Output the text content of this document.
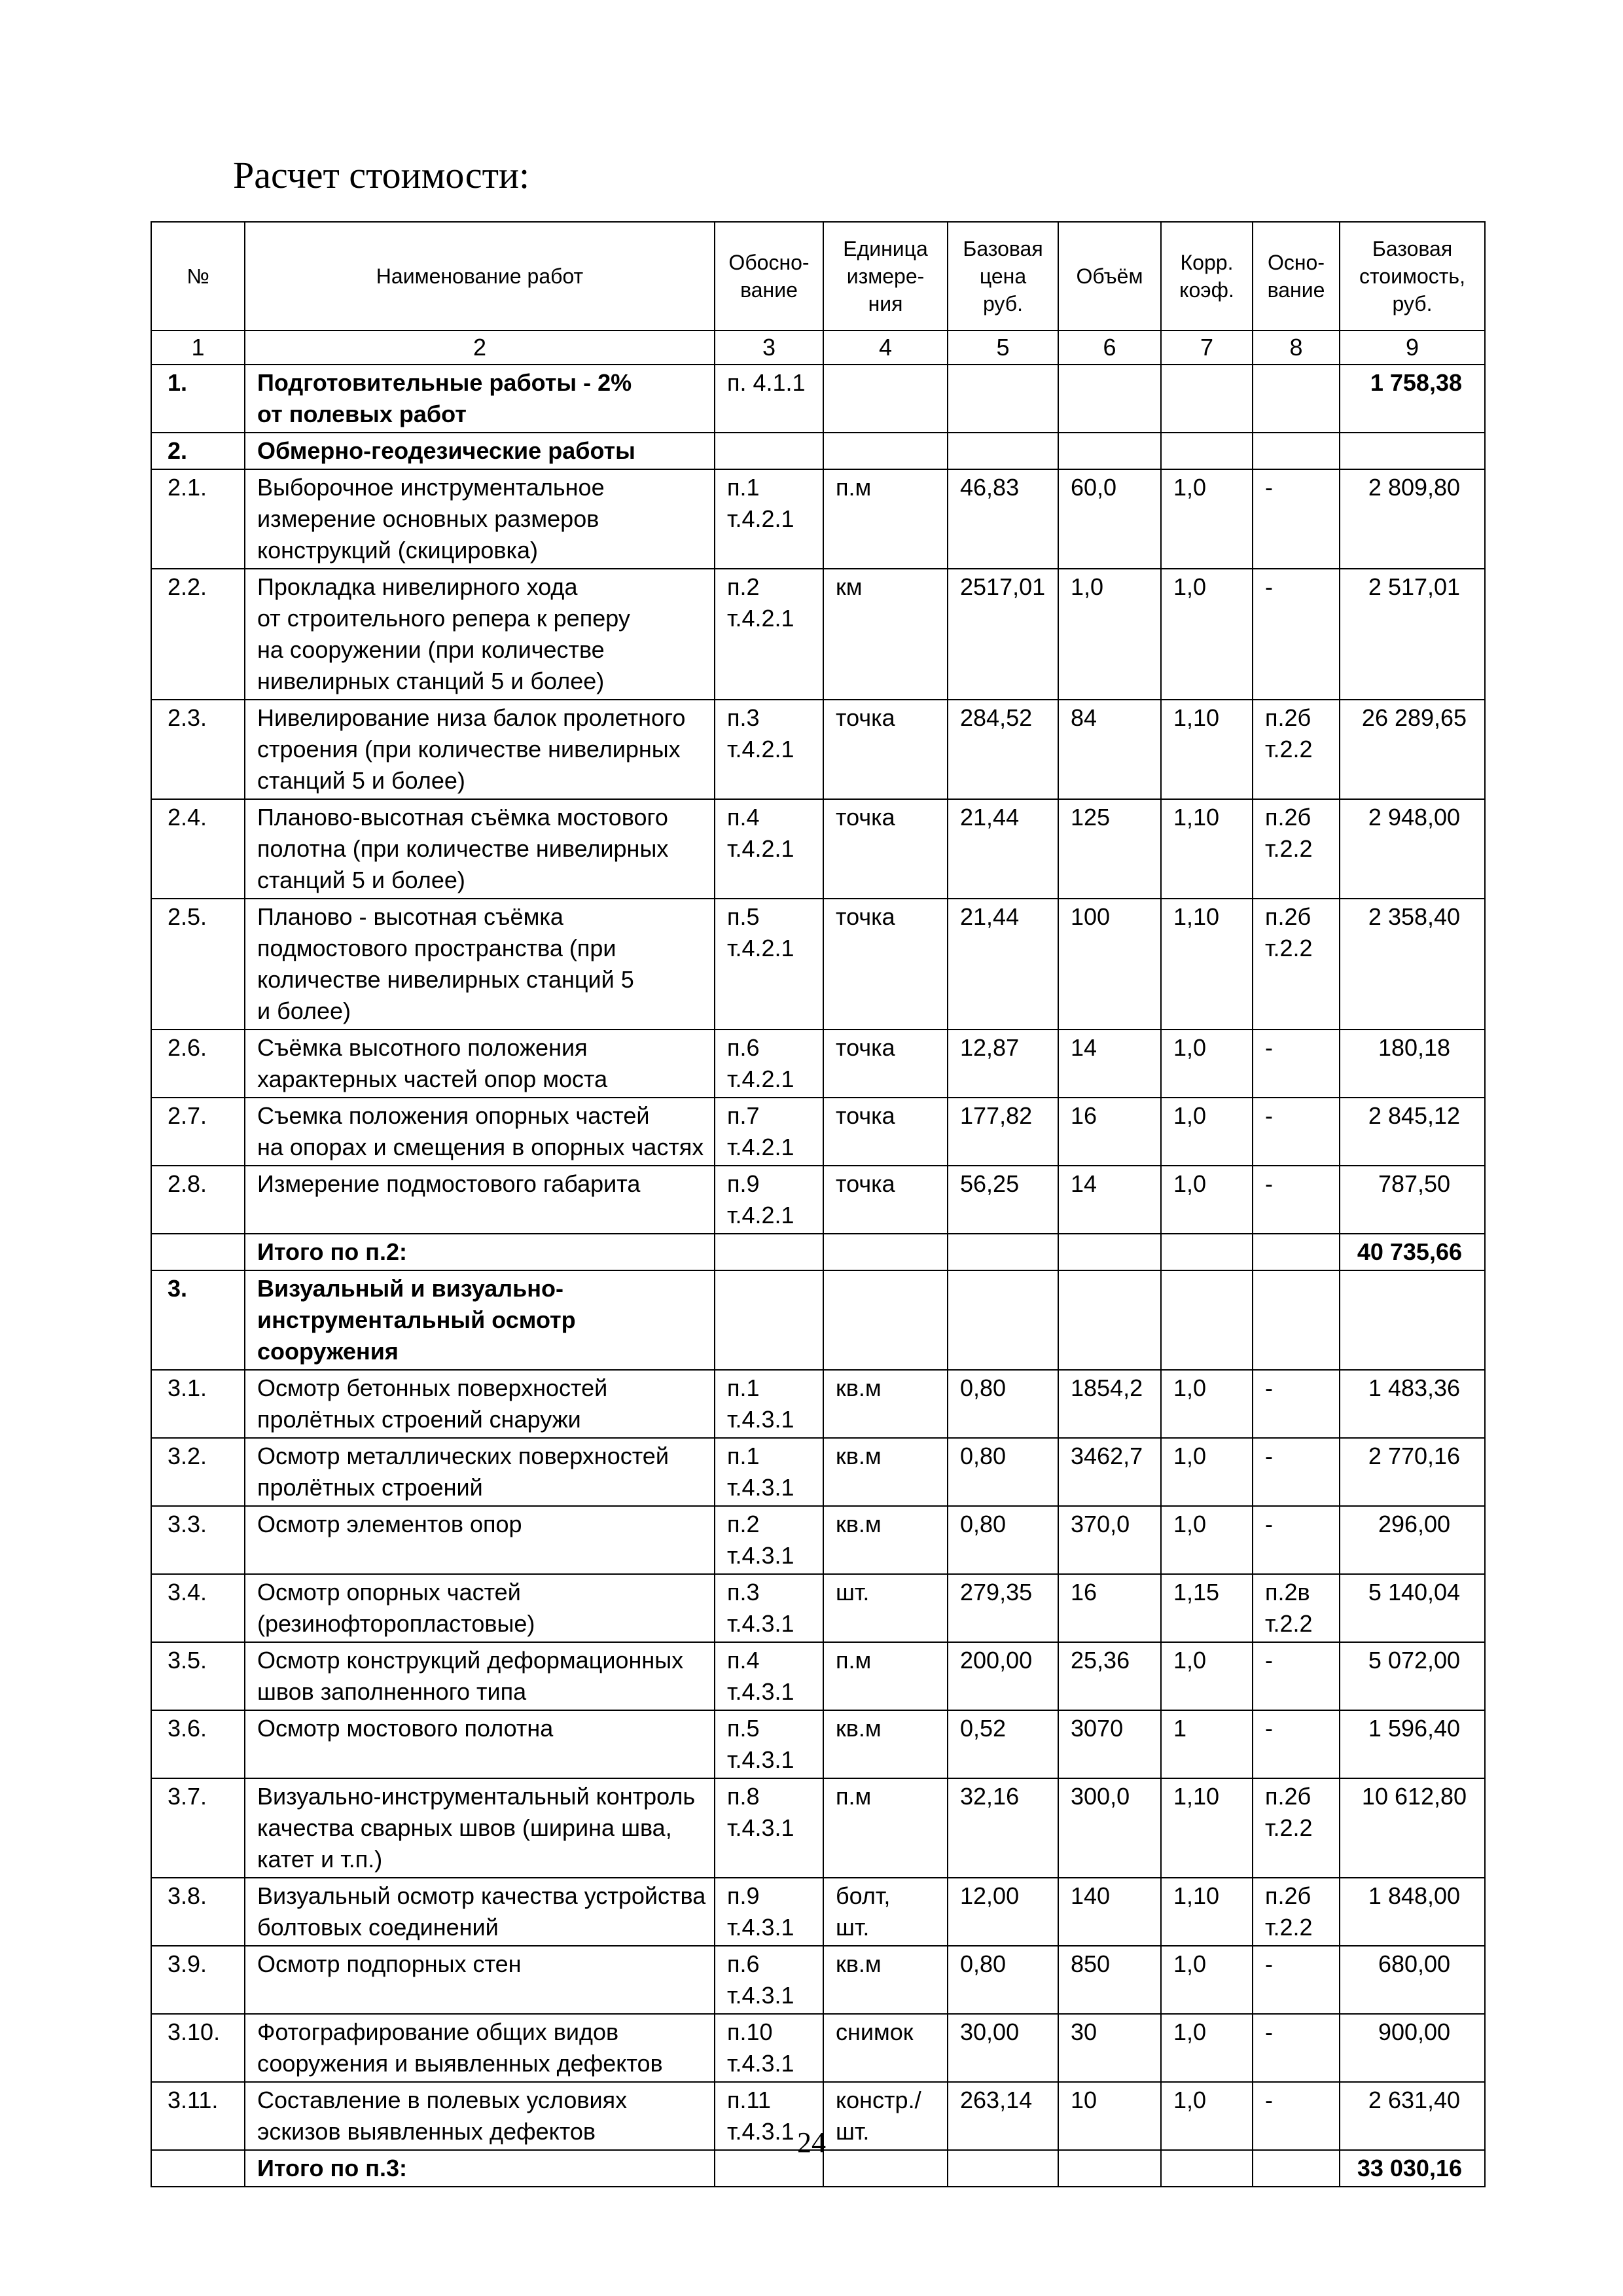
Расчет стоимости:
№	Наименование работ	Обосно-
вание	Единица
измере-
ния	Базовая
цена
руб.	Объём	Корр.
коэф.	Осно-
вание	Базовая
стоимость,
руб.
1	2	3	4	5	6	7	8	9
1.	Подготовительные работы - 2%
от полевых работ	п. 4.1.1						1 758,38
2.	Обмерно-геодезические работы							
2.1.	Выборочное инструментальное
измерение основных размеров
конструкций (скицировка)	п.1
т.4.2.1	п.м	46,83	60,0	1,0	-	2 809,80
2.2.	Прокладка нивелирного хода
от строительного репера к реперу
на сооружении (при количестве
нивелирных станций 5 и более)	п.2
т.4.2.1	км	2517,01	1,0	1,0	-	2 517,01
2.3.	Нивелирование низа балок пролетного
строения (при количестве нивелирных
станций 5 и более)	п.3
т.4.2.1	точка	284,52	84	1,10	п.2б
т.2.2	26 289,65
2.4.	Планово-высотная съёмка мостового
полотна (при количестве нивелирных
станций 5 и более)	п.4
т.4.2.1	точка	21,44	125	1,10	п.2б
т.2.2	2 948,00
2.5.	Планово - высотная съёмка
подмостового пространства (при
количестве нивелирных станций 5
и более)	п.5
т.4.2.1	точка	21,44	100	1,10	п.2б
т.2.2	2 358,40
2.6.	Съёмка высотного положения
характерных частей опор моста	п.6
т.4.2.1	точка	12,87	14	1,0	-	180,18
2.7.	Съемка положения опорных частей
на опорах и смещения в опорных частях	п.7
т.4.2.1	точка	177,82	16	1,0	-	2 845,12
2.8.	Измерение подмостового габарита	п.9
т.4.2.1	точка	56,25	14	1,0	-	787,50
	Итого по п.2:							40 735,66
3.	Визуальный и визуально-
инструментальный осмотр
сооружения							
3.1.	Осмотр бетонных поверхностей
пролётных строений снаружи	п.1
т.4.3.1	кв.м	0,80	1854,2	1,0	-	1 483,36
3.2.	Осмотр металлических поверхностей
пролётных строений	п.1
т.4.3.1	кв.м	0,80	3462,7	1,0	-	2 770,16
3.3.	Осмотр элементов опор	п.2
т.4.3.1	кв.м	0,80	370,0	1,0	-	296,00
3.4.	Осмотр опорных частей
(резинофторопластовые)	п.3
т.4.3.1	шт.	279,35	16	1,15	п.2в
т.2.2	5 140,04
3.5.	Осмотр конструкций деформационных
швов заполненного типа	п.4
т.4.3.1	п.м	200,00	25,36	1,0	-	5 072,00
3.6.	Осмотр мостового полотна	п.5
т.4.3.1	кв.м	0,52	3070	1	-	1 596,40
3.7.	Визуально-инструментальный контроль
качества сварных швов (ширина шва,
катет и т.п.)	п.8
т.4.3.1	п.м	32,16	300,0	1,10	п.2б
т.2.2	10 612,80
3.8.	Визуальный осмотр качества устройства
болтовых соединений	п.9
т.4.3.1	болт,
шт.	12,00	140	1,10	п.2б
т.2.2	1 848,00
3.9.	Осмотр подпорных стен	п.6
т.4.3.1	кв.м	0,80	850	1,0	-	680,00
3.10.	Фотографирование общих видов
сооружения и выявленных дефектов	п.10
т.4.3.1	снимок	30,00	30	1,0	-	900,00
3.11.	Составление в полевых условиях
эскизов выявленных дефектов	п.11
т.4.3.1	констр./
шт.	263,14	10	1,0	-	2 631,40
	Итого по п.3:							33 030,16
24
